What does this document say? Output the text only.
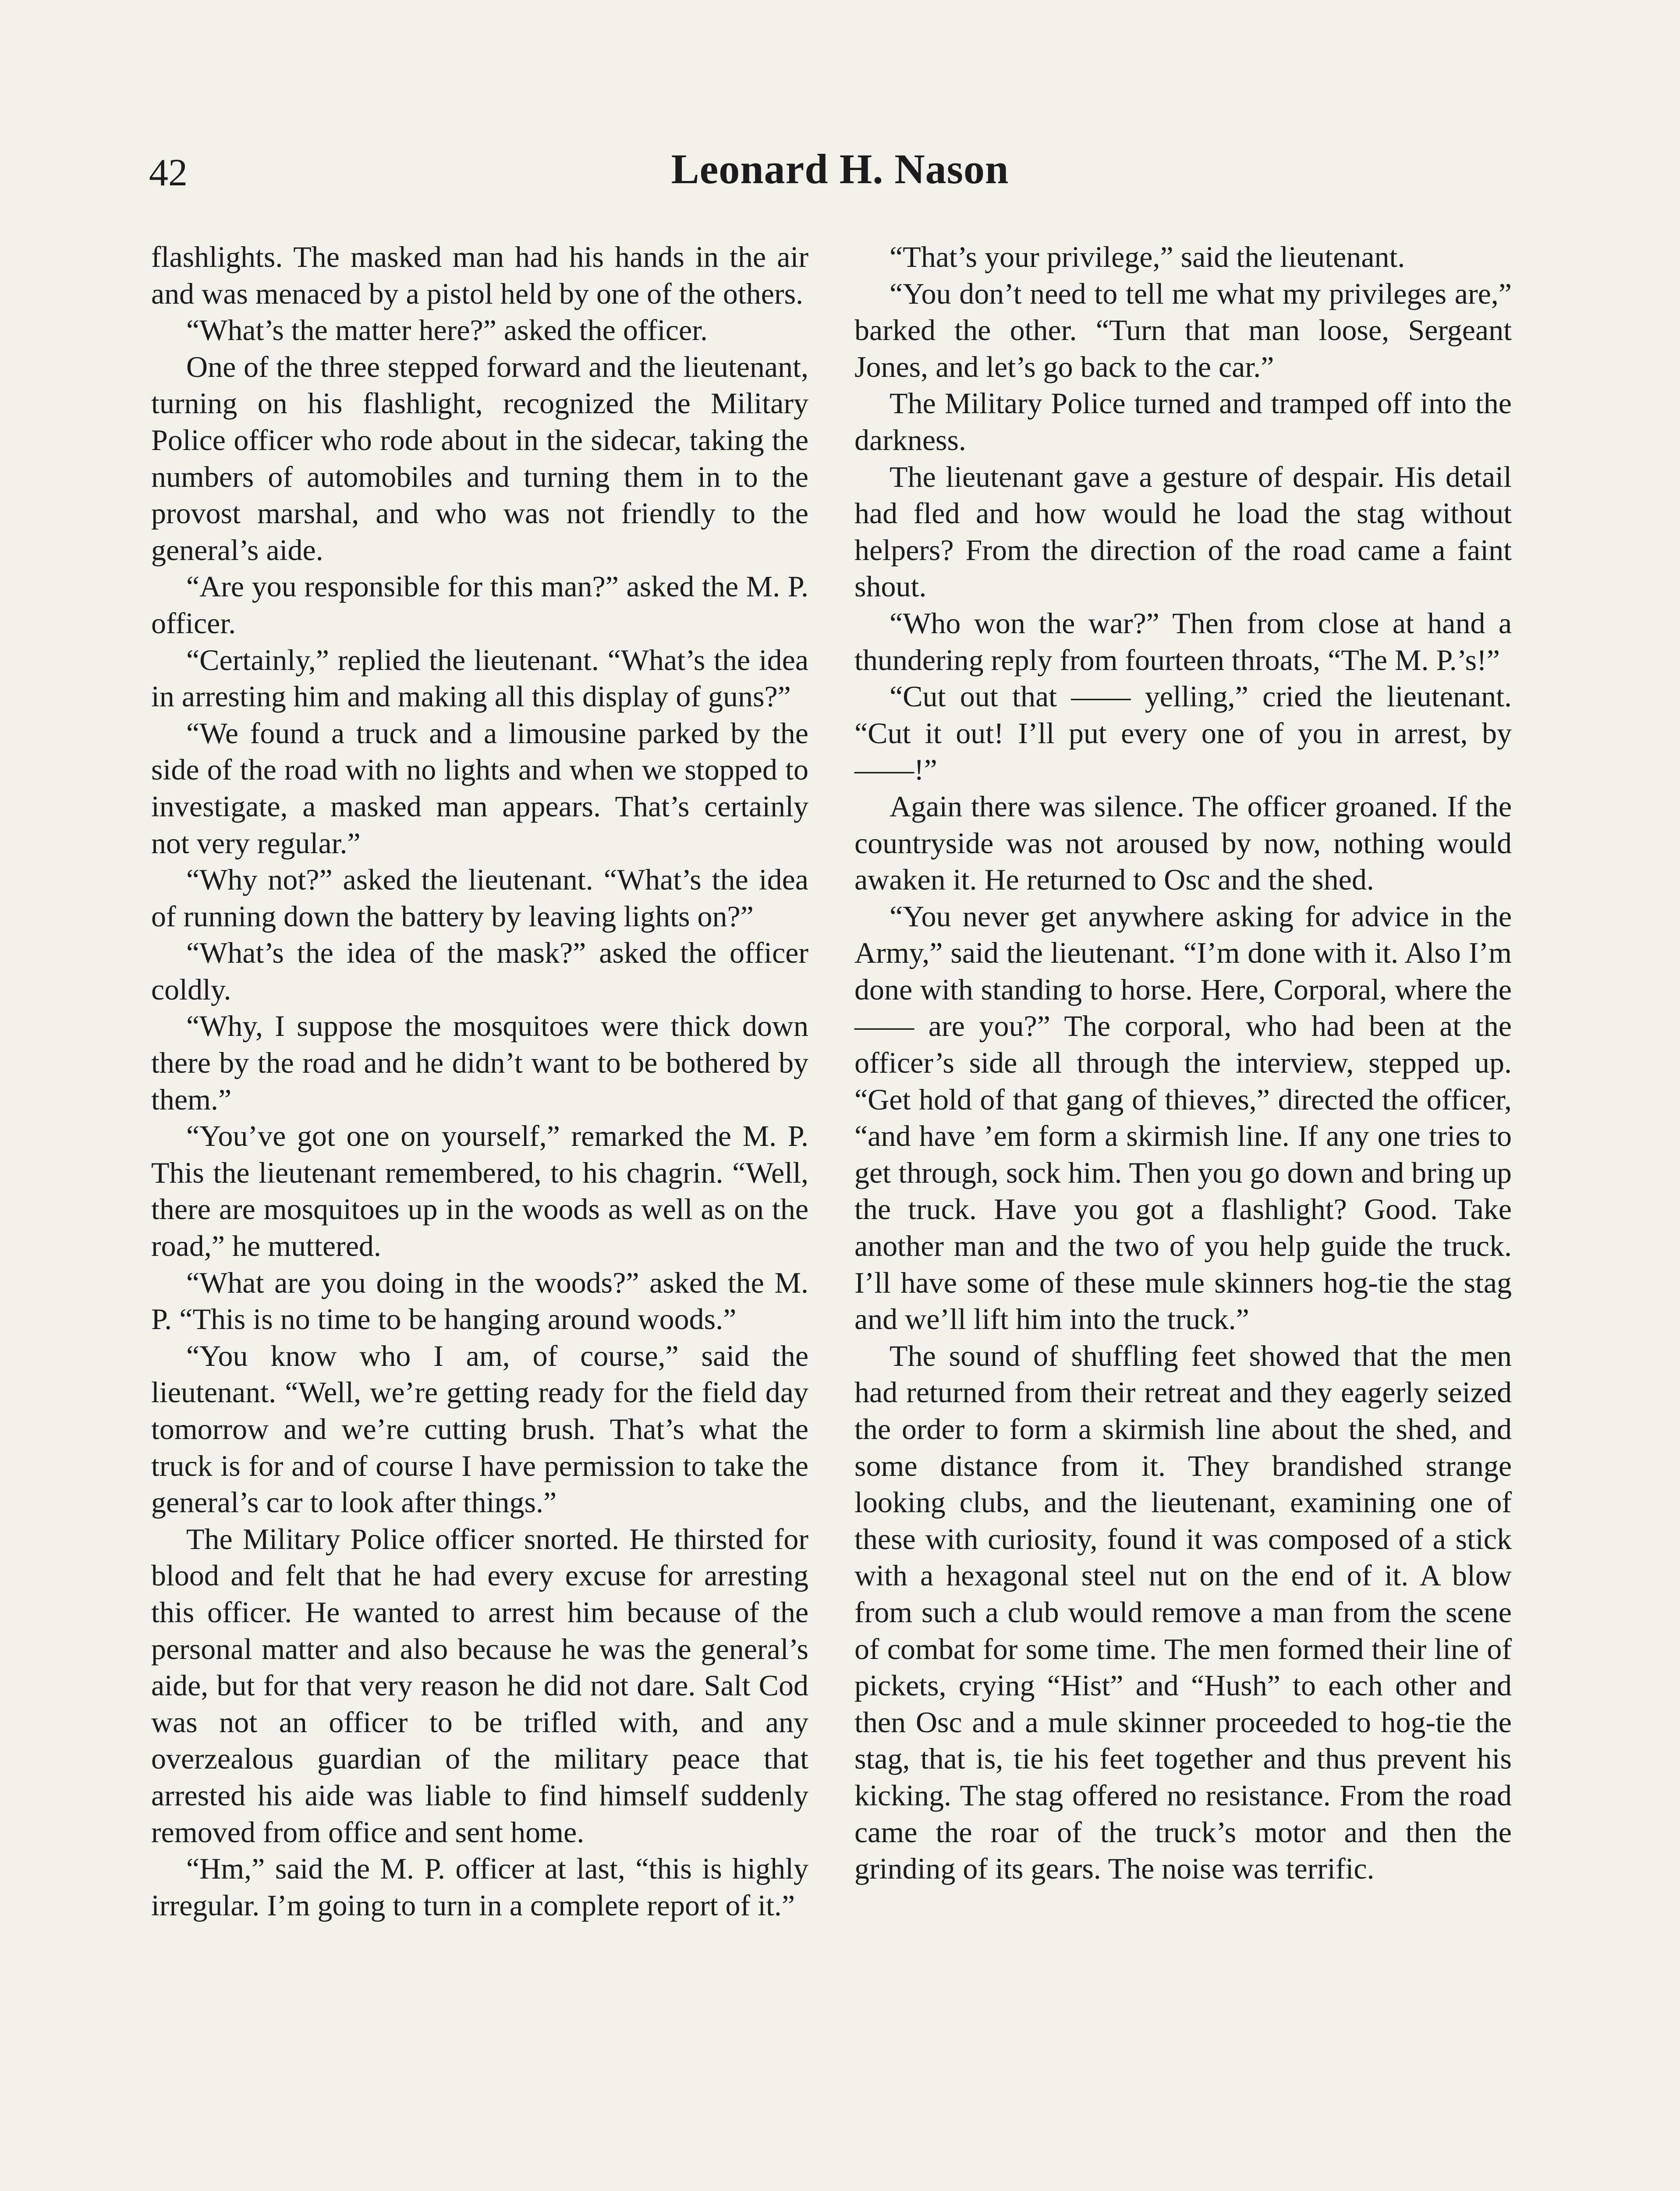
42	Leonard H. Nason

flashlights. The masked man had his hands in the air and was menaced by a pistol held by one of the others.

“What’s the matter here?” asked the officer.

One of the three stepped forward and the lieutenant, turning on his flashlight, recognized the Military Police officer who rode about in the sidecar, taking the numbers of automobiles and turning them in to the provost marshal, and who was not friendly to the general’s aide.

“Are you responsible for this man?” asked the M. P. officer.

“Certainly,” replied the lieutenant. “What’s the idea in arresting him and making all this display of guns?”

“We found a truck and a limousine parked by the side of the road with no lights and when we stopped to investigate, a masked man appears. That’s certainly not very regular.”

“Why not?” asked the lieutenant. “What’s the idea of running down the battery by leaving lights on?”

“What’s the idea of the mask?” asked the officer coldly.

“Why, I suppose the mosquitoes were thick down there by the road and he didn’t want to be bothered by them.”

“You’ve got one on yourself,” remarked the M. P. This the lieutenant remembered, to his chagrin. “Well, there are mosquitoes up in the woods as well as on the road,” he muttered.

“What are you doing in the woods?” asked the M. P. “This is no time to be hanging around woods.”

“You know who I am, of course,” said the lieutenant. “Well, we’re getting ready for the field day tomorrow and we’re cutting brush. That’s what the truck is for and of course I have permission to take the general’s car to look after things.”

The Military Police officer snorted. He thirsted for blood and felt that he had every excuse for arresting this officer. He wanted to arrest him because of the personal matter and also because he was the general’s aide, but for that very reason he did not dare. Salt Cod was not an officer to be trifled with, and any overzealous guardian of the military peace that arrested his aide was liable to find himself suddenly removed from office and sent home.

“Hm,” said the M. P. officer at last, “this is highly irregular. I’m going to turn in a complete report of it.”

“That’s your privilege,” said the lieutenant.

“You don’t need to tell me what my privileges are,” barked the other. “Turn that man loose, Sergeant Jones, and let’s go back to the car.”

The Military Police turned and tramped off into the darkness.

The lieutenant gave a gesture of despair. His detail had fled and how would he load the stag without helpers? From the direction of the road came a faint shout.

“Who won the war?” Then from close at hand a thundering reply from fourteen throats, “The M. P.’s!”

“Cut out that —— yelling,” cried the lieutenant. “Cut it out! I’ll put every one of you in arrest, by ——!”

Again there was silence. The officer groaned. If the countryside was not aroused by now, nothing would awaken it. He returned to Osc and the shed.

“You never get anywhere asking for advice in the Army,” said the lieutenant. “I’m done with it. Also I’m done with standing to horse. Here, Corporal, where the —— are you?” The corporal, who had been at the officer’s side all through the interview, stepped up. “Get hold of that gang of thieves,” directed the officer, “and have ’em form a skirmish line. If any one tries to get through, sock him. Then you go down and bring up the truck. Have you got a flashlight? Good. Take another man and the two of you help guide the truck. I’ll have some of these mule skinners hog-tie the stag and we’ll lift him into the truck.”

The sound of shuffling feet showed that the men had returned from their retreat and they eagerly seized the order to form a skirmish line about the shed, and some distance from it. They brandished strange looking clubs, and the lieutenant, examining one of these with curiosity, found it was composed of a stick with a hexagonal steel nut on the end of it. A blow from such a club would remove a man from the scene of combat for some time. The men formed their line of pickets, crying “Hist” and “Hush” to each other and then Osc and a mule skinner proceeded to hog-tie the stag, that is, tie his feet together and thus prevent his kicking. The stag offered no resistance. From the road came the roar of the truck’s motor and then the grinding of its gears. The noise was terrific.
